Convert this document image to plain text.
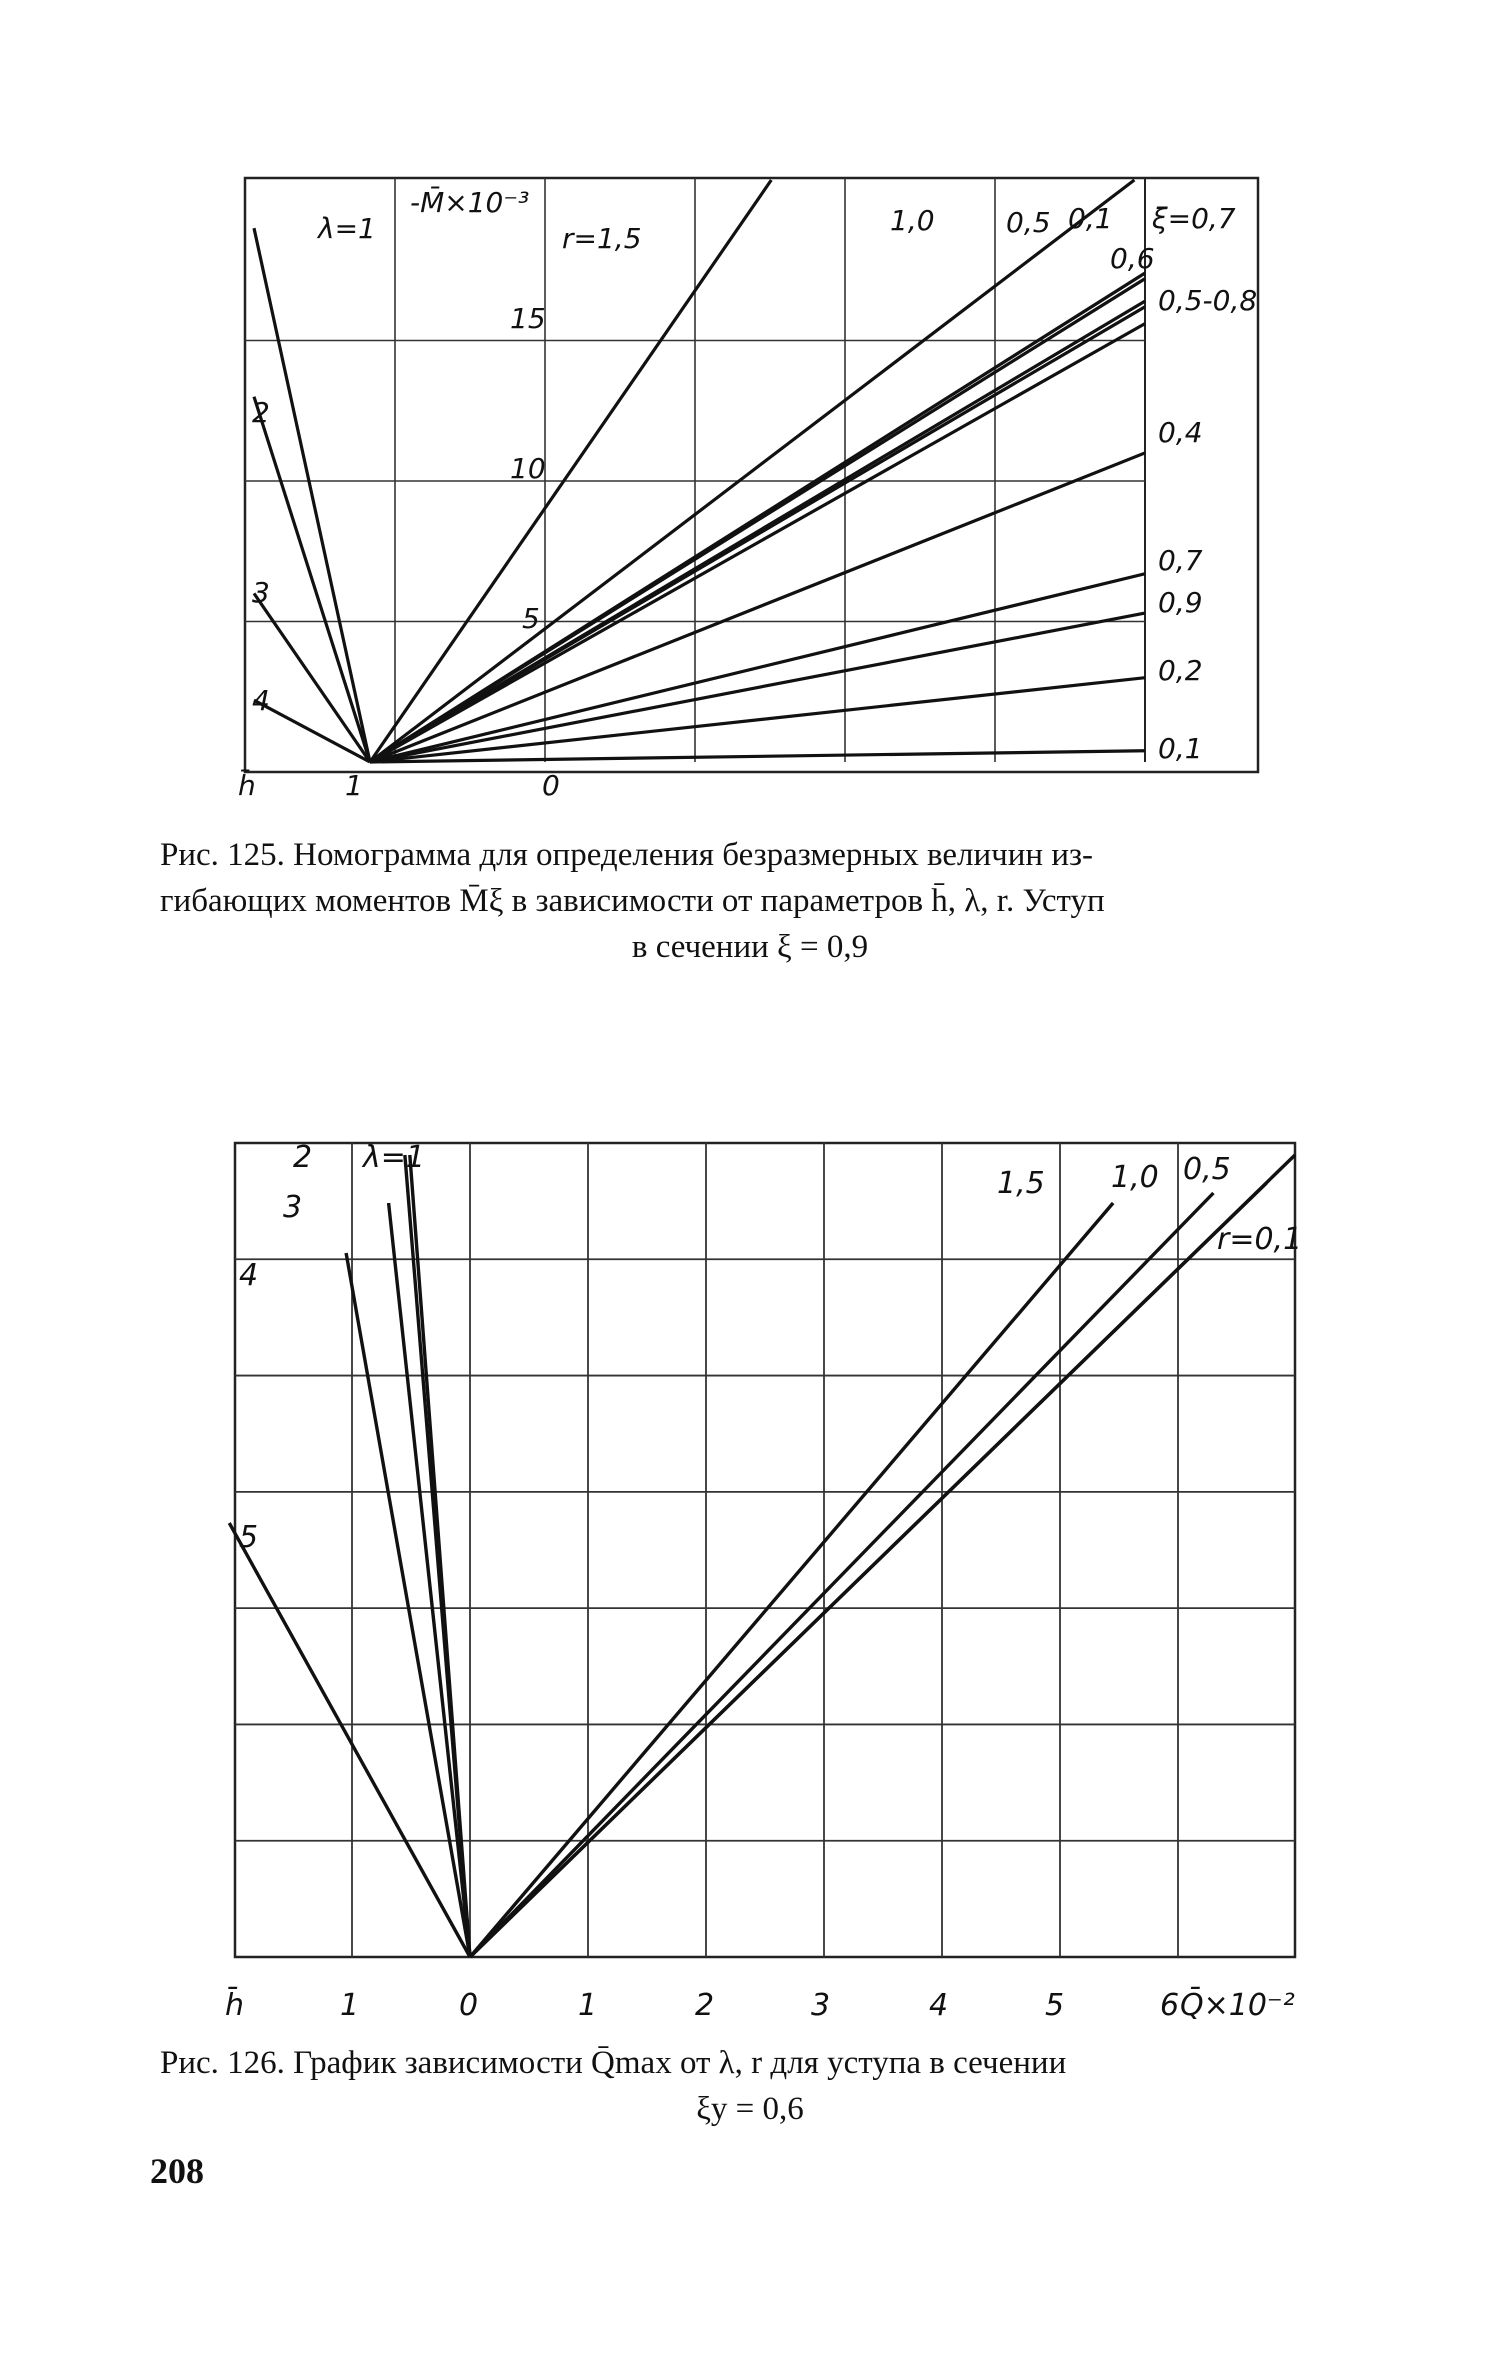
-M̄×10⁻³
15
10
5
h̄	1	0
r=1,5
λ=1
2
3
4
1,0	0,5 0,1 ξ=0,7
0,6
0,5-0,8
0,4
0,7
0,9
0,2
0,1
Рис. 125. Номограмма для определения безразмерных величин из-
гибающих моментов M̄ξ в зависимости от параметров h̄, λ, r. Уступ
в сечении ξ = 0,9
2 λ=1
3
4
5
1,5 1,0 0,5
r=0,1
h̄	1	0	1	2	3	4	5	6 Q̄×10⁻²
Рис. 126. График зависимости Q̄max от λ, r для уступа в сечении
ξу = 0,6
208
